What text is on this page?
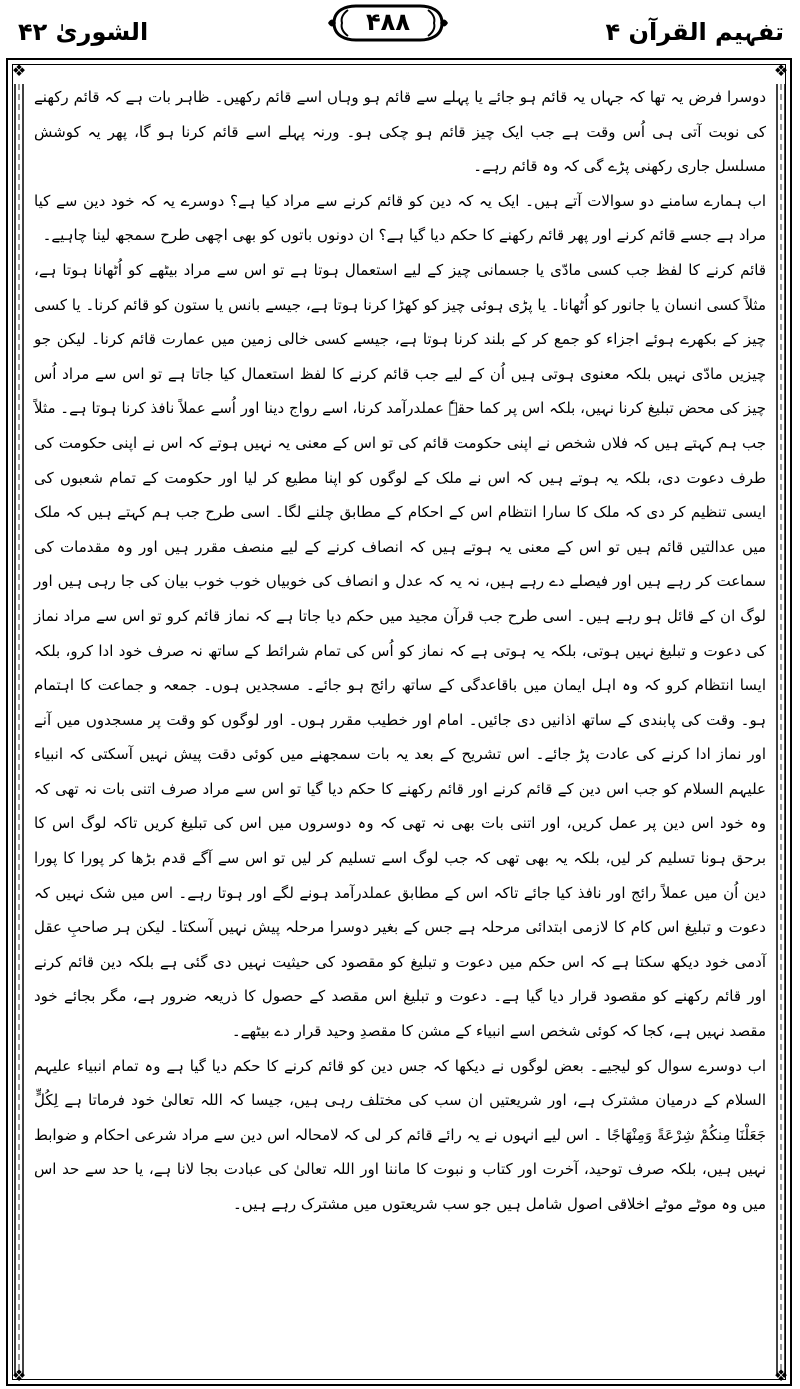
تفہیم القرآن ۴
۴۸۸
الشوریٰ ۴۲
❖	❖
❖	❖

دوسرا فرض یہ تھا کہ جہاں یہ قائم ہو جائے یا پہلے سے قائم ہو وہاں اسے قائم رکھیں۔ ظاہر بات ہے کہ قائم رکھنے کی نوبت آتی ہی اُس وقت ہے جب ایک چیز قائم ہو چکی ہو۔ ورنہ پہلے اسے قائم کرنا ہو گا، پھر یہ کوشش مسلسل جاری رکھنی پڑے گی کہ وہ قائم رہے۔

اب ہمارے سامنے دو سوالات آتے ہیں۔ ایک یہ کہ دین کو قائم کرنے سے مراد کیا ہے؟ دوسرے یہ کہ خود دین سے کیا مراد ہے جسے قائم کرنے اور پھر قائم رکھنے کا حکم دیا گیا ہے؟ ان دونوں باتوں کو بھی اچھی طرح سمجھ لینا چاہیے۔

قائم کرنے کا لفظ جب کسی مادّی یا جسمانی چیز کے لیے استعمال ہوتا ہے تو اس سے مراد بیٹھے کو اُٹھانا ہوتا ہے، مثلاً کسی انسان یا جانور کو اُٹھانا۔ یا پڑی ہوئی چیز کو کھڑا کرنا ہوتا ہے، جیسے بانس یا ستون کو قائم کرنا۔ یا کسی چیز کے بکھرے ہوئے اجزاء کو جمع کر کے بلند کرنا ہوتا ہے، جیسے کسی خالی زمین میں عمارت قائم کرنا۔ لیکن جو چیزیں مادّی نہیں بلکہ معنوی ہوتی ہیں اُن کے لیے جب قائم کرنے کا لفظ استعمال کیا جاتا ہے تو اس سے مراد اُس چیز کی محض تبلیغ کرنا نہیں، بلکہ اس پر کما حقہٗ عملدرآمد کرنا، اسے رواج دینا اور اُسے عملاً نافذ کرنا ہوتا ہے۔ مثلاً جب ہم کہتے ہیں کہ فلاں شخص نے اپنی حکومت قائم کی تو اس کے معنی یہ نہیں ہوتے کہ اس نے اپنی حکومت کی طرف دعوت دی، بلکہ یہ ہوتے ہیں کہ اس نے ملک کے لوگوں کو اپنا مطیع کر لیا اور حکومت کے تمام شعبوں کی ایسی تنظیم کر دی کہ ملک کا سارا انتظام اس کے احکام کے مطابق چلنے لگا۔ اسی طرح جب ہم کہتے ہیں کہ ملک میں عدالتیں قائم ہیں تو اس کے معنی یہ ہوتے ہیں کہ انصاف کرنے کے لیے منصف مقرر ہیں اور وہ مقدمات کی سماعت کر رہے ہیں اور فیصلے دے رہے ہیں، نہ یہ کہ عدل و انصاف کی خوبیاں خوب خوب بیان کی جا رہی ہیں اور لوگ ان کے قائل ہو رہے ہیں۔ اسی طرح جب قرآن مجید میں حکم دیا جاتا ہے کہ نماز قائم کرو تو اس سے مراد نماز کی دعوت و تبلیغ نہیں ہوتی، بلکہ یہ ہوتی ہے کہ نماز کو اُس کی تمام شرائط کے ساتھ نہ صرف خود ادا کرو، بلکہ ایسا انتظام کرو کہ وہ اہل ایمان میں باقاعدگی کے ساتھ رائج ہو جائے۔ مسجدیں ہوں۔ جمعہ و جماعت کا اہتمام ہو۔ وقت کی پابندی کے ساتھ اذانیں دی جائیں۔ امام اور خطیب مقرر ہوں۔ اور لوگوں کو وقت پر مسجدوں میں آنے اور نماز ادا کرنے کی عادت پڑ جائے۔ اس تشریح کے بعد یہ بات سمجھنے میں کوئی دقت پیش نہیں آسکتی کہ انبیاء علیہم السلام کو جب اس دین کے قائم کرنے اور قائم رکھنے کا حکم دیا گیا تو اس سے مراد صرف اتنی بات نہ تھی کہ وہ خود اس دین پر عمل کریں، اور اتنی بات بھی نہ تھی کہ وہ دوسروں میں اس کی تبلیغ کریں تاکہ لوگ اس کا برحق ہونا تسلیم کر لیں، بلکہ یہ بھی تھی کہ جب لوگ اسے تسلیم کر لیں تو اس سے آگے قدم بڑھا کر پورا کا پورا دین اُن میں عملاً رائج اور نافذ کیا جائے تاکہ اس کے مطابق عملدرآمد ہونے لگے اور ہوتا رہے۔ اس میں شک نہیں کہ دعوت و تبلیغ اس کام کا لازمی ابتدائی مرحلہ ہے جس کے بغیر دوسرا مرحلہ پیش نہیں آسکتا۔ لیکن ہر صاحبِ عقل آدمی خود دیکھ سکتا ہے کہ اس حکم میں دعوت و تبلیغ کو مقصود کی حیثیت نہیں دی گئی ہے بلکہ دین قائم کرنے اور قائم رکھنے کو مقصود قرار دیا گیا ہے۔ دعوت و تبلیغ اس مقصد کے حصول کا ذریعہ ضرور ہے، مگر بجائے خود مقصد نہیں ہے، کجا کہ کوئی شخص اسے انبیاء کے مشن کا مقصدِ وحید قرار دے بیٹھے۔

اب دوسرے سوال کو لیجیے۔ بعض لوگوں نے دیکھا کہ جس دین کو قائم کرنے کا حکم دیا گیا ہے وہ تمام انبیاء علیہم السلام کے درمیان مشترک ہے، اور شریعتیں ان سب کی مختلف رہی ہیں، جیسا کہ اللہ تعالیٰ خود فرماتا ہے لِكُلٍّ جَعَلْنَا مِنكُمْ شِرْعَةً وَمِنْهَاجًا ۔ اس لیے انہوں نے یہ رائے قائم کر لی کہ لامحالہ اس دین سے مراد شرعی احکام و ضوابط نہیں ہیں، بلکہ صرف توحید، آخرت اور کتاب و نبوت کا ماننا اور اللہ تعالیٰ کی عبادت بجا لانا ہے، یا حد سے حد اس میں وہ موٹے موٹے اخلاقی اصول شامل ہیں جو سب شریعتوں میں مشترک رہے ہیں۔
